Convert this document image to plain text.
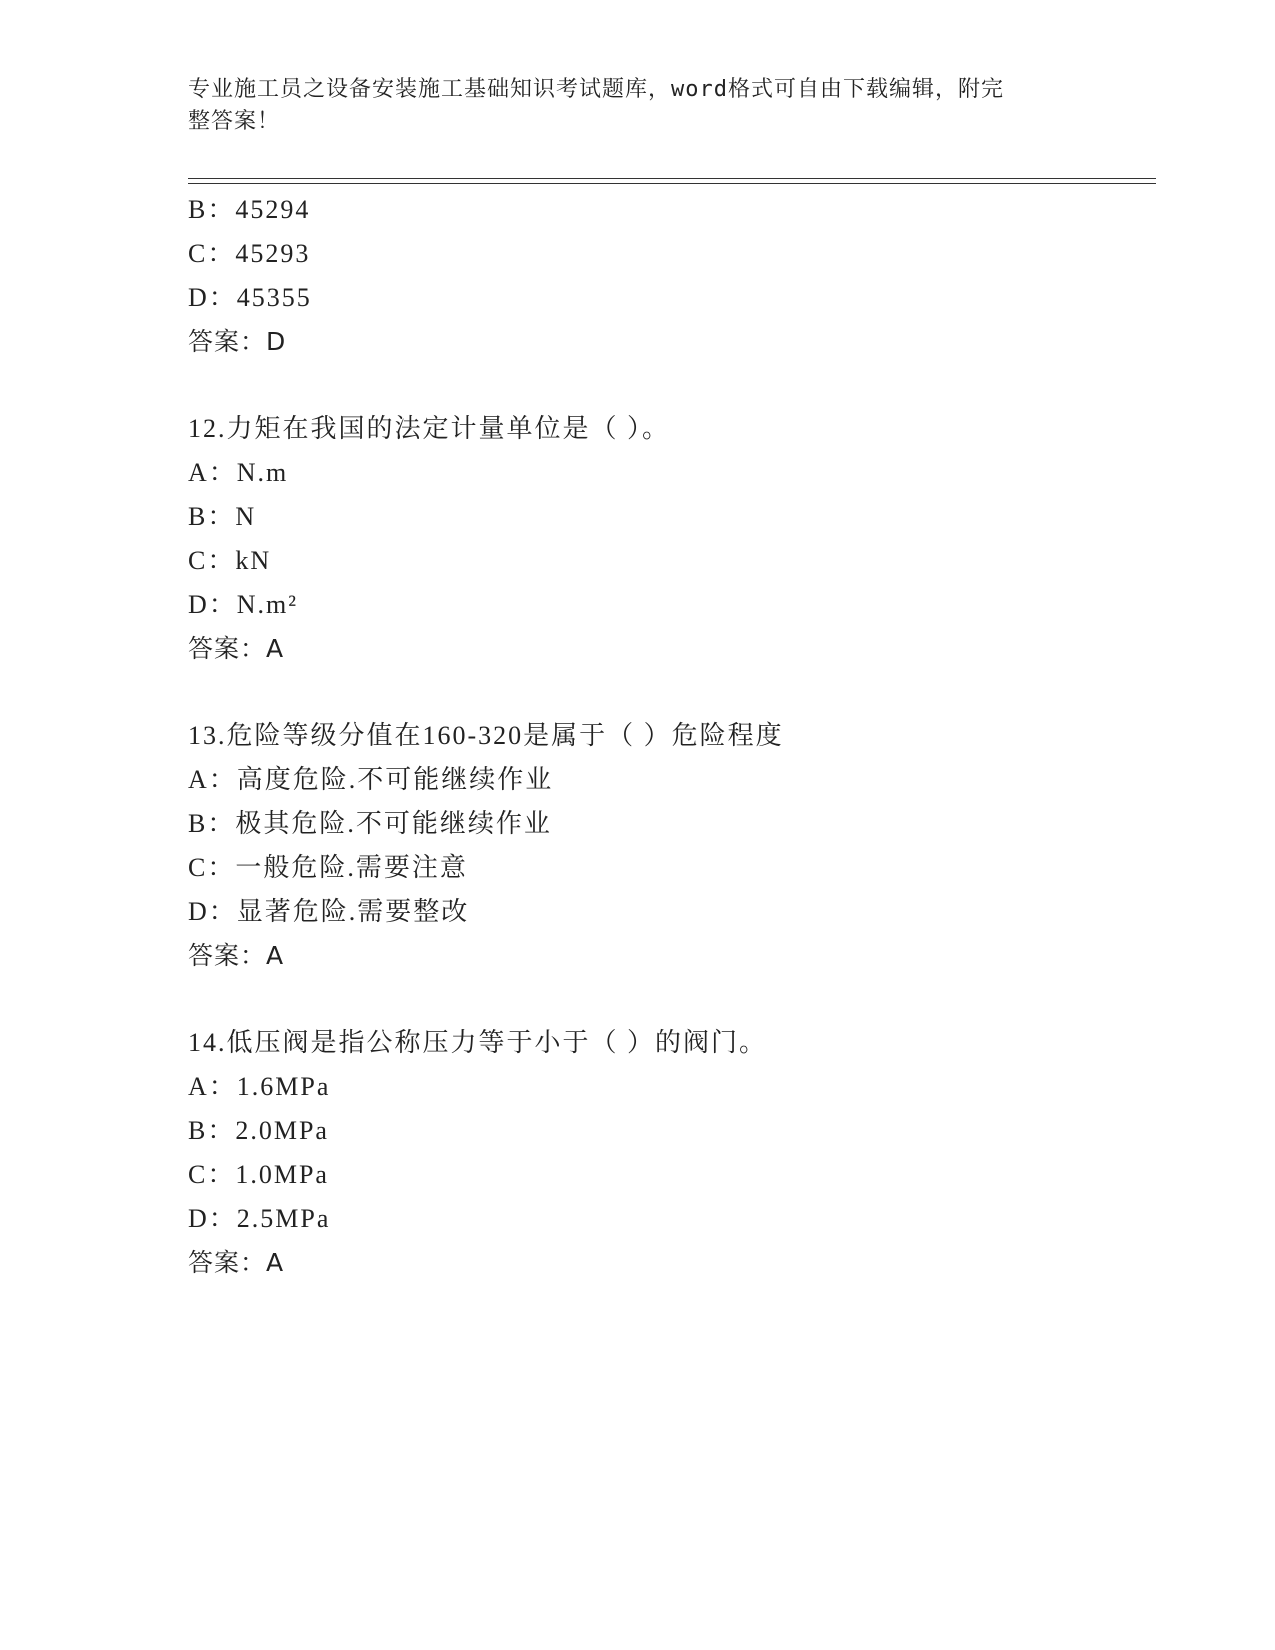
专业施工员之设备安装施工基础知识考试题库，word格式可自由下载编辑，附完
整答案！
B：45294
C：45293
D：45355
答案：D
12.力矩在我国的法定计量单位是（ ）。
A：N.m
B：N
C：kN
D：N.m²
答案：A
13.危险等级分值在160-320是属于（ ）危险程度
A：高度危险.不可能继续作业
B：极其危险.不可能继续作业
C：一般危险.需要注意
D：显著危险.需要整改
答案：A
14.低压阀是指公称压力等于小于（ ）的阀门。
A：1.6MPa
B：2.0MPa
C：1.0MPa
D：2.5MPa
答案：A
